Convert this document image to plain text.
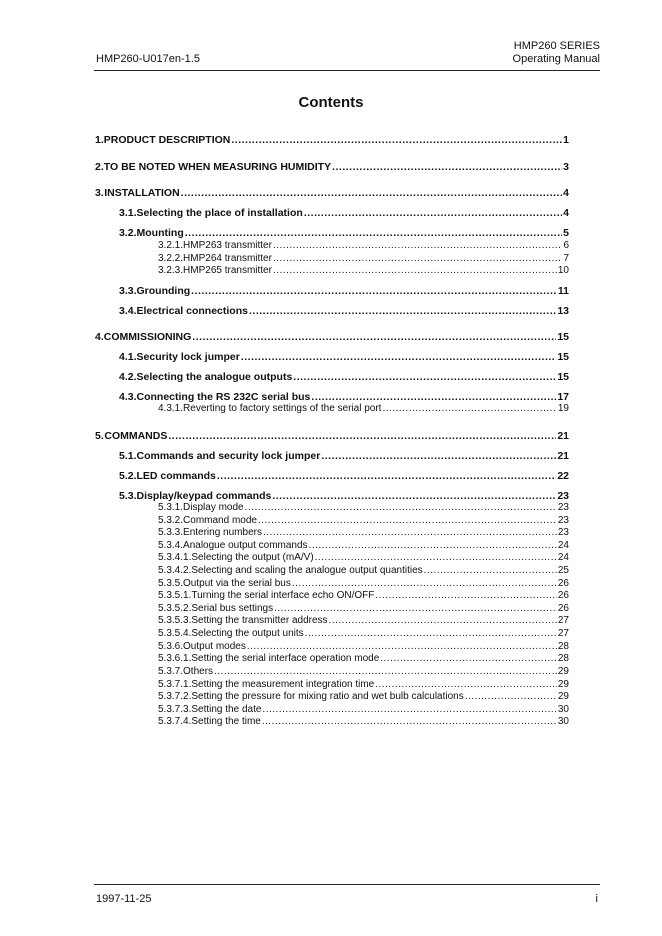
HMP260 SERIES
Operating Manual
HMP260-U017en-1.5
Contents
1. PRODUCT DESCRIPTION .....	1
2. TO BE NOTED WHEN MEASURING HUMIDITY .....	3
3. INSTALLATION .....	4
3.1. Selecting the place of installation .....	4
3.2. Mounting .....	5
3.2.1. HMP263 transmitter .....	6
3.2.2. HMP264 transmitter .....	7
3.2.3. HMP265 transmitter .....	10
3.3. Grounding .....	11
3.4. Electrical connections .....	13
4. COMMISSIONING .....	15
4.1. Security lock jumper .....	15
4.2. Selecting the analogue outputs .....	15
4.3. Connecting the RS 232C serial bus .....	17
4.3.1. Reverting to factory settings of the serial port .....	19
5. COMMANDS .....	21
5.1. Commands and security lock jumper .....	21
5.2. LED commands .....	22
5.3. Display/keypad commands .....	23
5.3.1. Display mode .....	23
5.3.2. Command mode .....	23
5.3.3. Entering numbers .....	23
5.3.4. Analogue output commands .....	24
5.3.4.1. Selecting the output (mA/V) .....	24
5.3.4.2. Selecting and scaling the analogue output quantities .....	25
5.3.5. Output via the serial bus .....	26
5.3.5.1. Turning the serial interface echo ON/OFF .....	26
5.3.5.2. Serial bus settings .....	26
5.3.5.3. Setting the transmitter address .....	27
5.3.5.4. Selecting the output units .....	27
5.3.6. Output modes .....	28
5.3.6.1. Setting the serial interface operation mode .....	28
5.3.7. Others .....	29
5.3.7.1. Setting the measurement integration time .....	29
5.3.7.2. Setting the pressure for mixing ratio and wet bulb calculations .....	29
5.3.7.3. Setting the date .....	30
5.3.7.4. Setting the time .....	30
1997-11-25	i
